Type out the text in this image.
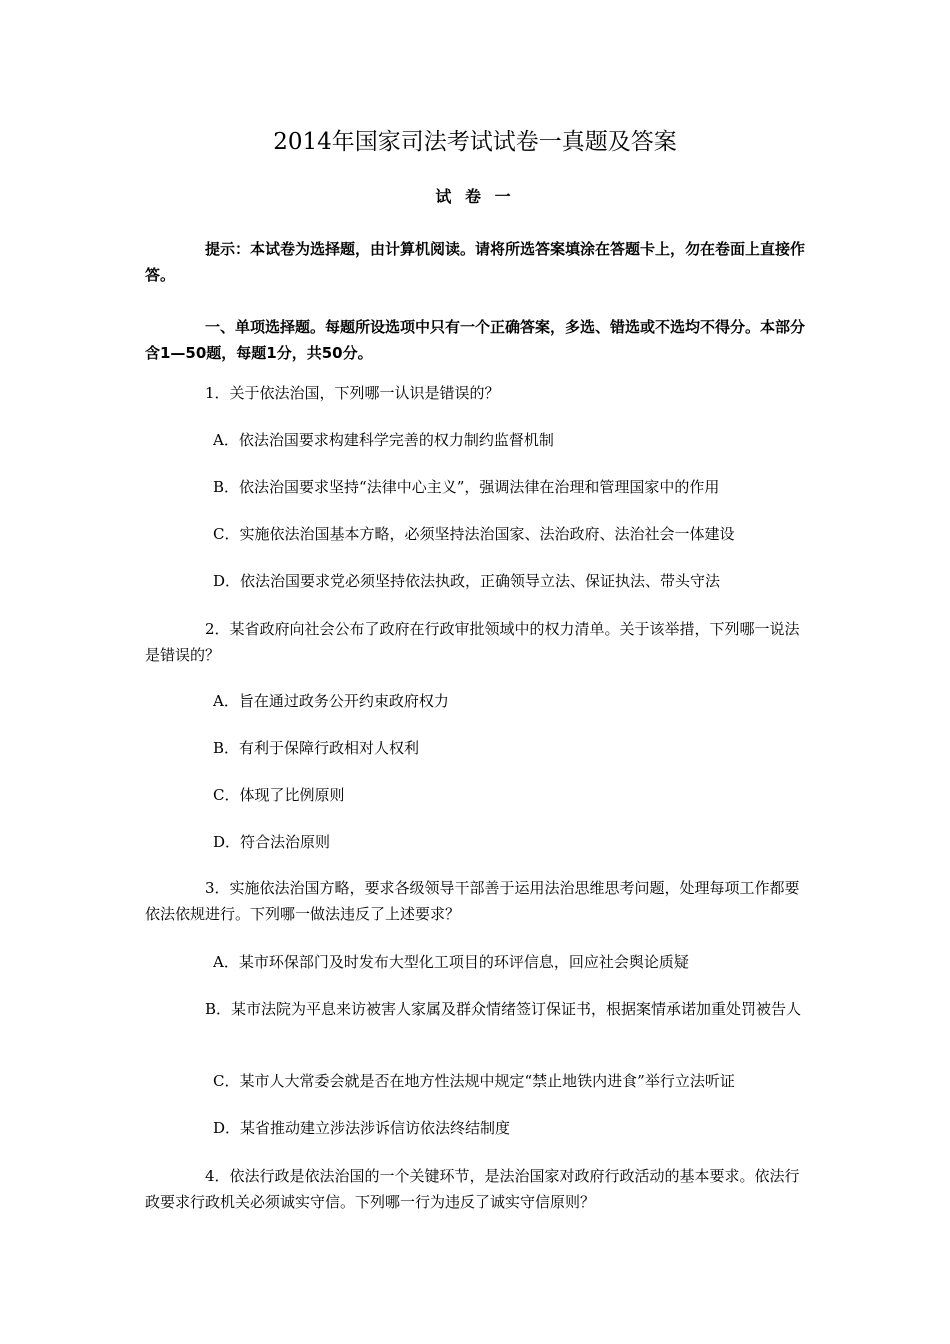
2014年国家司法考试试卷一真题及答案

试 卷 一

提示：本试卷为选择题，由计算机阅读。请将所选答案填涂在答题卡上，勿在卷面上直接作答。

一、单项选择题。每题所设选项中只有一个正确答案，多选、错选或不选均不得分。本部分含1—50题，每题1分，共50分。

1．关于依法治国，下列哪一认识是错误的？

A．依法治国要求构建科学完善的权力制约监督机制

B．依法治国要求坚持“法律中心主义”，强调法律在治理和管理国家中的作用

C．实施依法治国基本方略，必须坚持法治国家、法治政府、法治社会一体建设

D．依法治国要求党必须坚持依法执政，正确领导立法、保证执法、带头守法

2．某省政府向社会公布了政府在行政审批领域中的权力清单。关于该举措，下列哪一说法是错误的？

A．旨在通过政务公开约束政府权力

B．有利于保障行政相对人权利

C．体现了比例原则

D．符合法治原则

3．实施依法治国方略，要求各级领导干部善于运用法治思维思考问题，处理每项工作都要依法依规进行。下列哪一做法违反了上述要求？

A．某市环保部门及时发布大型化工项目的环评信息，回应社会舆论质疑

B．某市法院为平息来访被害人家属及群众情绪签订保证书，根据案情承诺加重处罚被告人

C．某市人大常委会就是否在地方性法规中规定“禁止地铁内进食”举行立法听证

D．某省推动建立涉法涉诉信访依法终结制度

4．依法行政是依法治国的一个关键环节，是法治国家对政府行政活动的基本要求。依法行政要求行政机关必须诚实守信。下列哪一行为违反了诚实守信原则？
